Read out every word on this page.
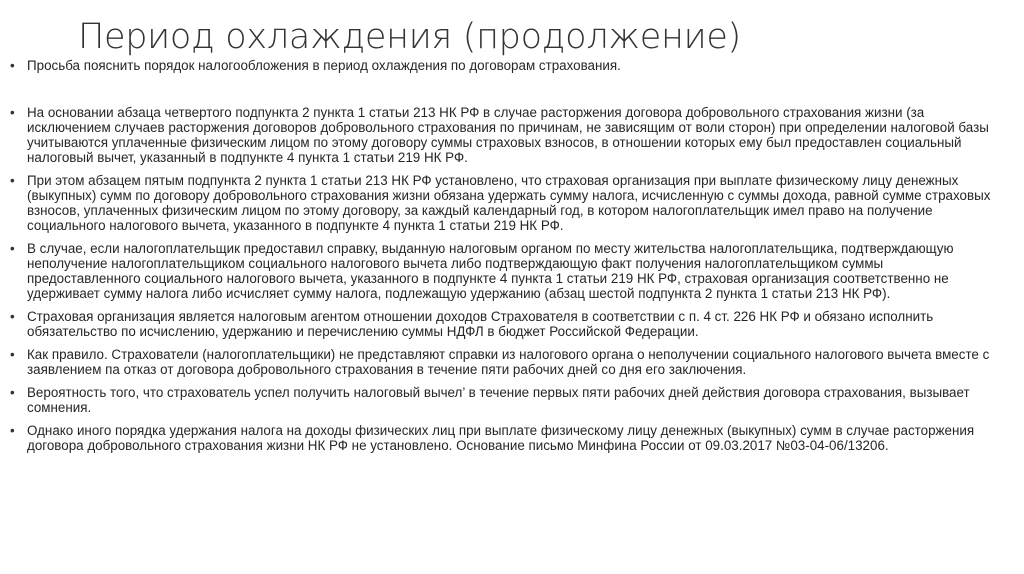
Период охлаждения (продолжение)
• Просьба пояснить порядок налогообложения в период охлаждения по договорам страхования.
• На основании абзаца четвертого подпункта 2 пункта 1 статьи 213 НК РФ в случае расторжения договора добровольного страхования жизни (за исключением случаев расторжения договоров добровольного страхования по причинам, не зависящим от воли сторон) при определении налоговой базы учитываются уплаченные физическим лицом по этому договору суммы страховых взносов, в отношении которых ему был предоставлен социальный налоговый вычет, указанный в подпункте 4 пункта 1 статьи 219 НК РФ.
• При этом абзацем пятым подпункта 2 пункта 1 статьи 213 НК РФ установлено, что страховая организация при выплате физическому лицу денежных (выкупных) сумм по договору добровольного страхования жизни обязана удержать сумму налога, исчисленную с суммы дохода, равной сумме страховых взносов, уплаченных физическим лицом по этому договору, за каждый календарный год, в котором налогоплательщик имел право на получение социального налогового вычета, указанного в подпункте 4 пункта 1 статьи 219 НК РФ.
• В случае, если налогоплательщик предоставил справку, выданную налоговым органом по месту жительства налогоплательщика, подтверждающую неполучение налогоплательщиком социального налогового вычета либо подтверждающую факт получения налогоплательщиком суммы предоставленного социального налогового вычета, указанного в подпункте 4 пункта 1 статьи 219 НК РФ, страховая организация соответственно не удерживает сумму налога либо исчисляет сумму налога, подлежащую удержанию (абзац шестой подпункта 2 пункта 1 статьи 213 НК РФ).
• Страховая организация является налоговым агентом отношении доходов Страхователя в соответствии с п. 4 ст. 226 НК РФ и обязано исполнить обязательство по исчислению, удержанию и перечислению суммы НДФЛ в бюджет Российской Федерации.
• Как правило. Страхователи (налогоплательщики) не представляют справки из налогового органа о неполучении социального налогового вычета вместе с заявлением па отказ от договора добровольного страхования в течение пяти рабочих дней со дня его заключения.
• Вероятность того, что страхователь успел получить налоговый вычел’ в течение первых пяти рабочих дней действия договора страхования, вызывает сомнения.
• Однако иного порядка удержания налога на доходы физических лиц при выплате физическому лицу денежных (выкупных) сумм в случае расторжения договора добровольного страхования жизни НК РФ не установлено. Основание письмо Минфина России от 09.03.2017 №03-04-06/13206.
